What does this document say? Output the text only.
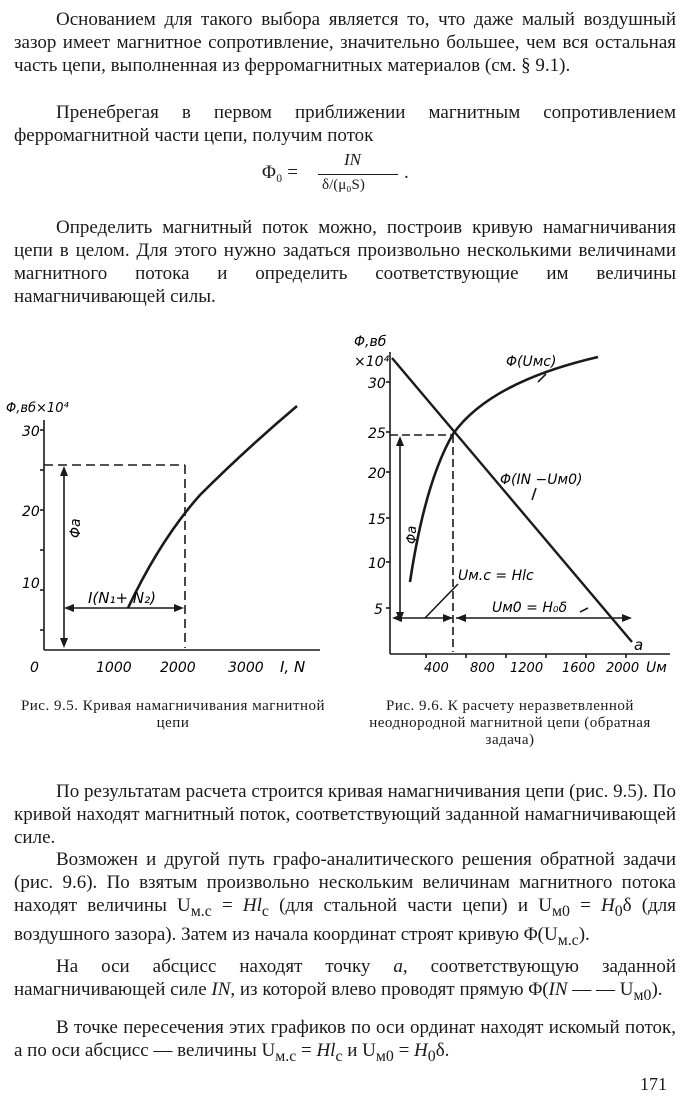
Основанием для такого выбора является то, что даже малый воздушный зазор имеет магнитное сопротивление, значительно большее, чем вся остальная часть цепи, выполненная из ферромагнитных материалов (см. § 9.1).

Пренебрегая в первом приближении магнитным сопротивлением ферромагнитной части цепи, получим поток

Φ₀ =
IN
δ/(μ₀S)
.

Определить магнитный поток можно, построив кривую намагничивания цепи в целом. Для этого нужно задаться произвольно несколькими величинами магнитного потока и определить соответствующие им величины намагничивающей силы.

Φ,вб×10⁴
30
20
10
0	1000 2000 3000 I, N
Φa
I(N₁+ N₂)
Φ,вб
×10⁴
30
25
20
15
10
5
400 800 1200 1600 2000 Uм
Φ(Uмс)
Φ(IN −Uм0)
Φa
Uм.с = Hlс
Uм0 = H₀δ
a
Рис. 9.5. Кривая намагничивания магнитной цепи
Рис. 9.6. К расчету неразветвленной неоднородной магнитной цепи (обратная задача)

По результатам расчета строится кривая намагничивания цепи (рис. 9.5). По кривой находят магнитный поток, соответствующий заданной намагничивающей силе.

Возможен и другой путь графо-аналитического решения обратной задачи (рис. 9.6). По взятым произвольно нескольким величинам магнитного потока находят величины $U_{м.с} = Hl_c$ (для стальной части цепи) и $U_{м0} = H_0\delta$ (для воздушного зазора). Затем из начала координат строят кривую $\Phi(U_{м.с})$.

На оси абсцисс находят точку a, соответствующую заданной намагничивающей силе IN, из которой влево проводят прямую Φ(IN — — $U_{м0}$).

В точке пересечения этих графиков по оси ординат находят искомый поток, а по оси абсцисс — величины $U_{м.с} = Hl_c$ и $U_{м0} = H_0\delta$.

171
